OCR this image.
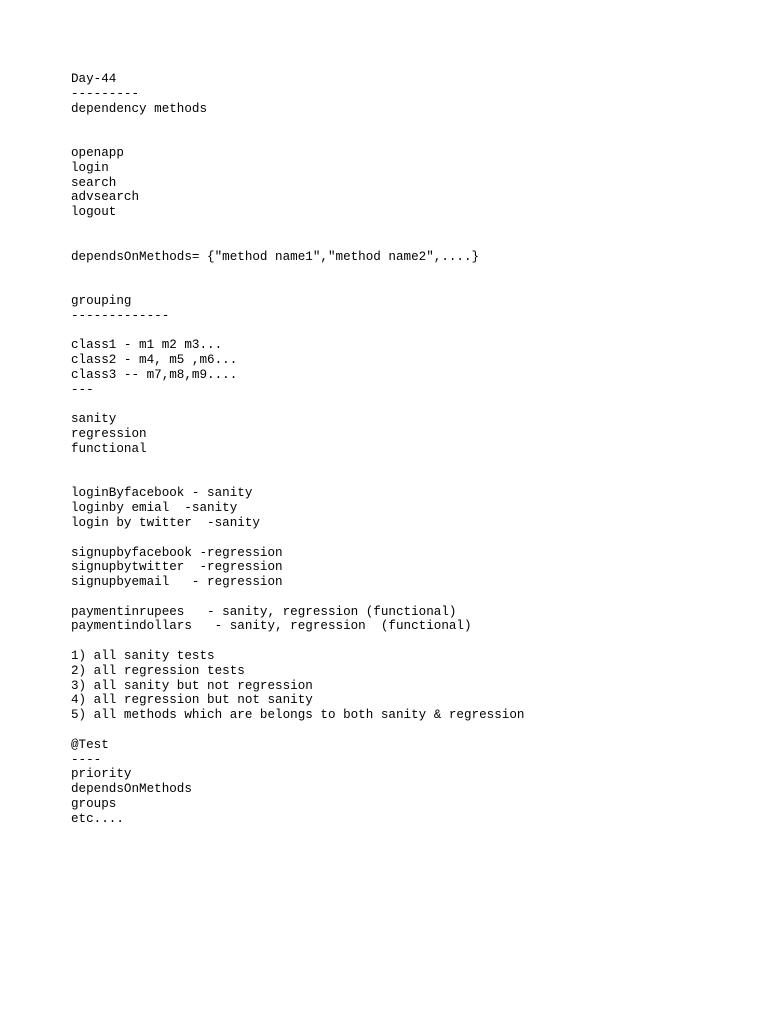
Day-44
---------
dependency methods
openapp
login
search
advsearch
logout
dependsOnMethods= {"method name1","method name2",....}
grouping
-------------
class1 - m1 m2 m3...
class2 - m4, m5 ,m6...
class3 -- m7,m8,m9....
---
sanity
regression
functional
loginByfacebook - sanity
loginby emial  -sanity
login by twitter  -sanity
signupbyfacebook -regression
signupbytwitter  -regression
signupbyemail   - regression
paymentinrupees   - sanity, regression (functional)
paymentindollars   - sanity, regression  (functional)
1) all sanity tests
2) all regression tests
3) all sanity but not regression
4) all regression but not sanity
5) all methods which are belongs to both sanity & regression
@Test
----
priority
dependsOnMethods
groups
etc....
